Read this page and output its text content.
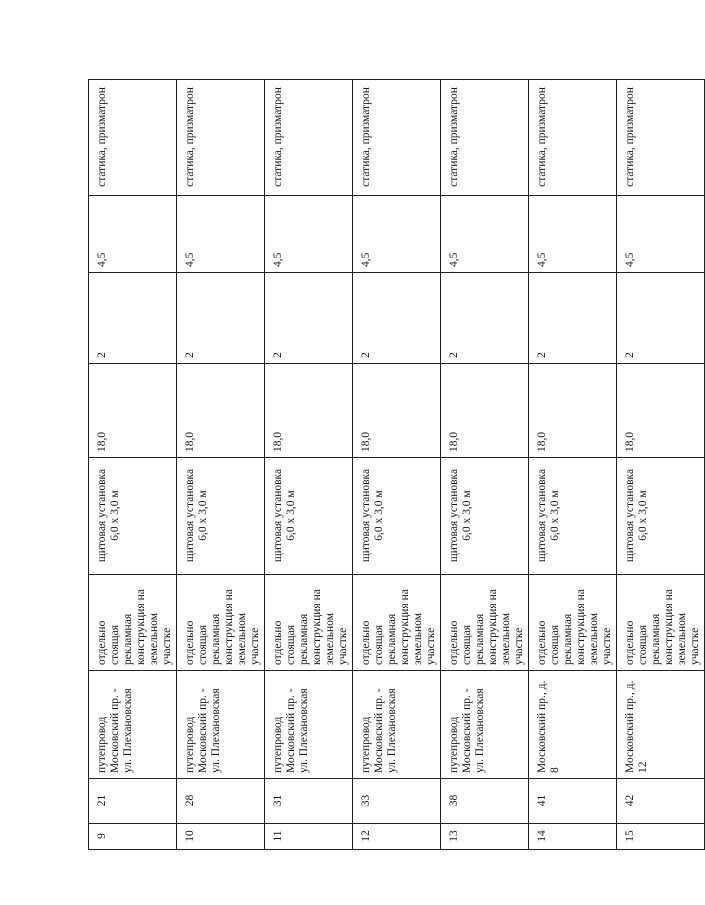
9	21	путепровод Московский пр. - ул. Плехановская	отдельно стоящая рекламная конструкция на земельном участке	щитовая установка 6,0 х 3,0 м	18,0	2	4,5	статика, призматрон
10	28	путепровод Московский пр. - ул. Плехановская	отдельно стоящая рекламная конструкция на земельном участке	щитовая установка 6,0 х 3,0 м	18,0	2	4,5	статика, призматрон
11	31	путепровод Московский пр. - ул. Плехановская	отдельно стоящая рекламная конструкция на земельном участке	щитовая установка 6,0 х 3,0 м	18,0	2	4,5	статика, призматрон
12	33	путепровод Московский пр. - ул. Плехановская	отдельно стоящая рекламная конструкция на земельном участке	щитовая установка 6,0 х 3,0 м	18,0	2	4,5	статика, призматрон
13	38	путепровод Московский пр. - ул. Плехановская	отдельно стоящая рекламная конструкция на земельном участке	щитовая установка 6,0 х 3,0 м	18,0	2	4,5	статика, призматрон
14	41	Московский пр., д. 8	отдельно стоящая рекламная конструкция на земельном участке	щитовая установка 6,0 х 3,0 м	18,0	2	4,5	статика, призматрон
15	42	Московский пр., д. 12	отдельно стоящая рекламная конструкция на земельном участке	щитовая установка 6,0 х 3,0 м	18,0	2	4,5	статика, призматрон
